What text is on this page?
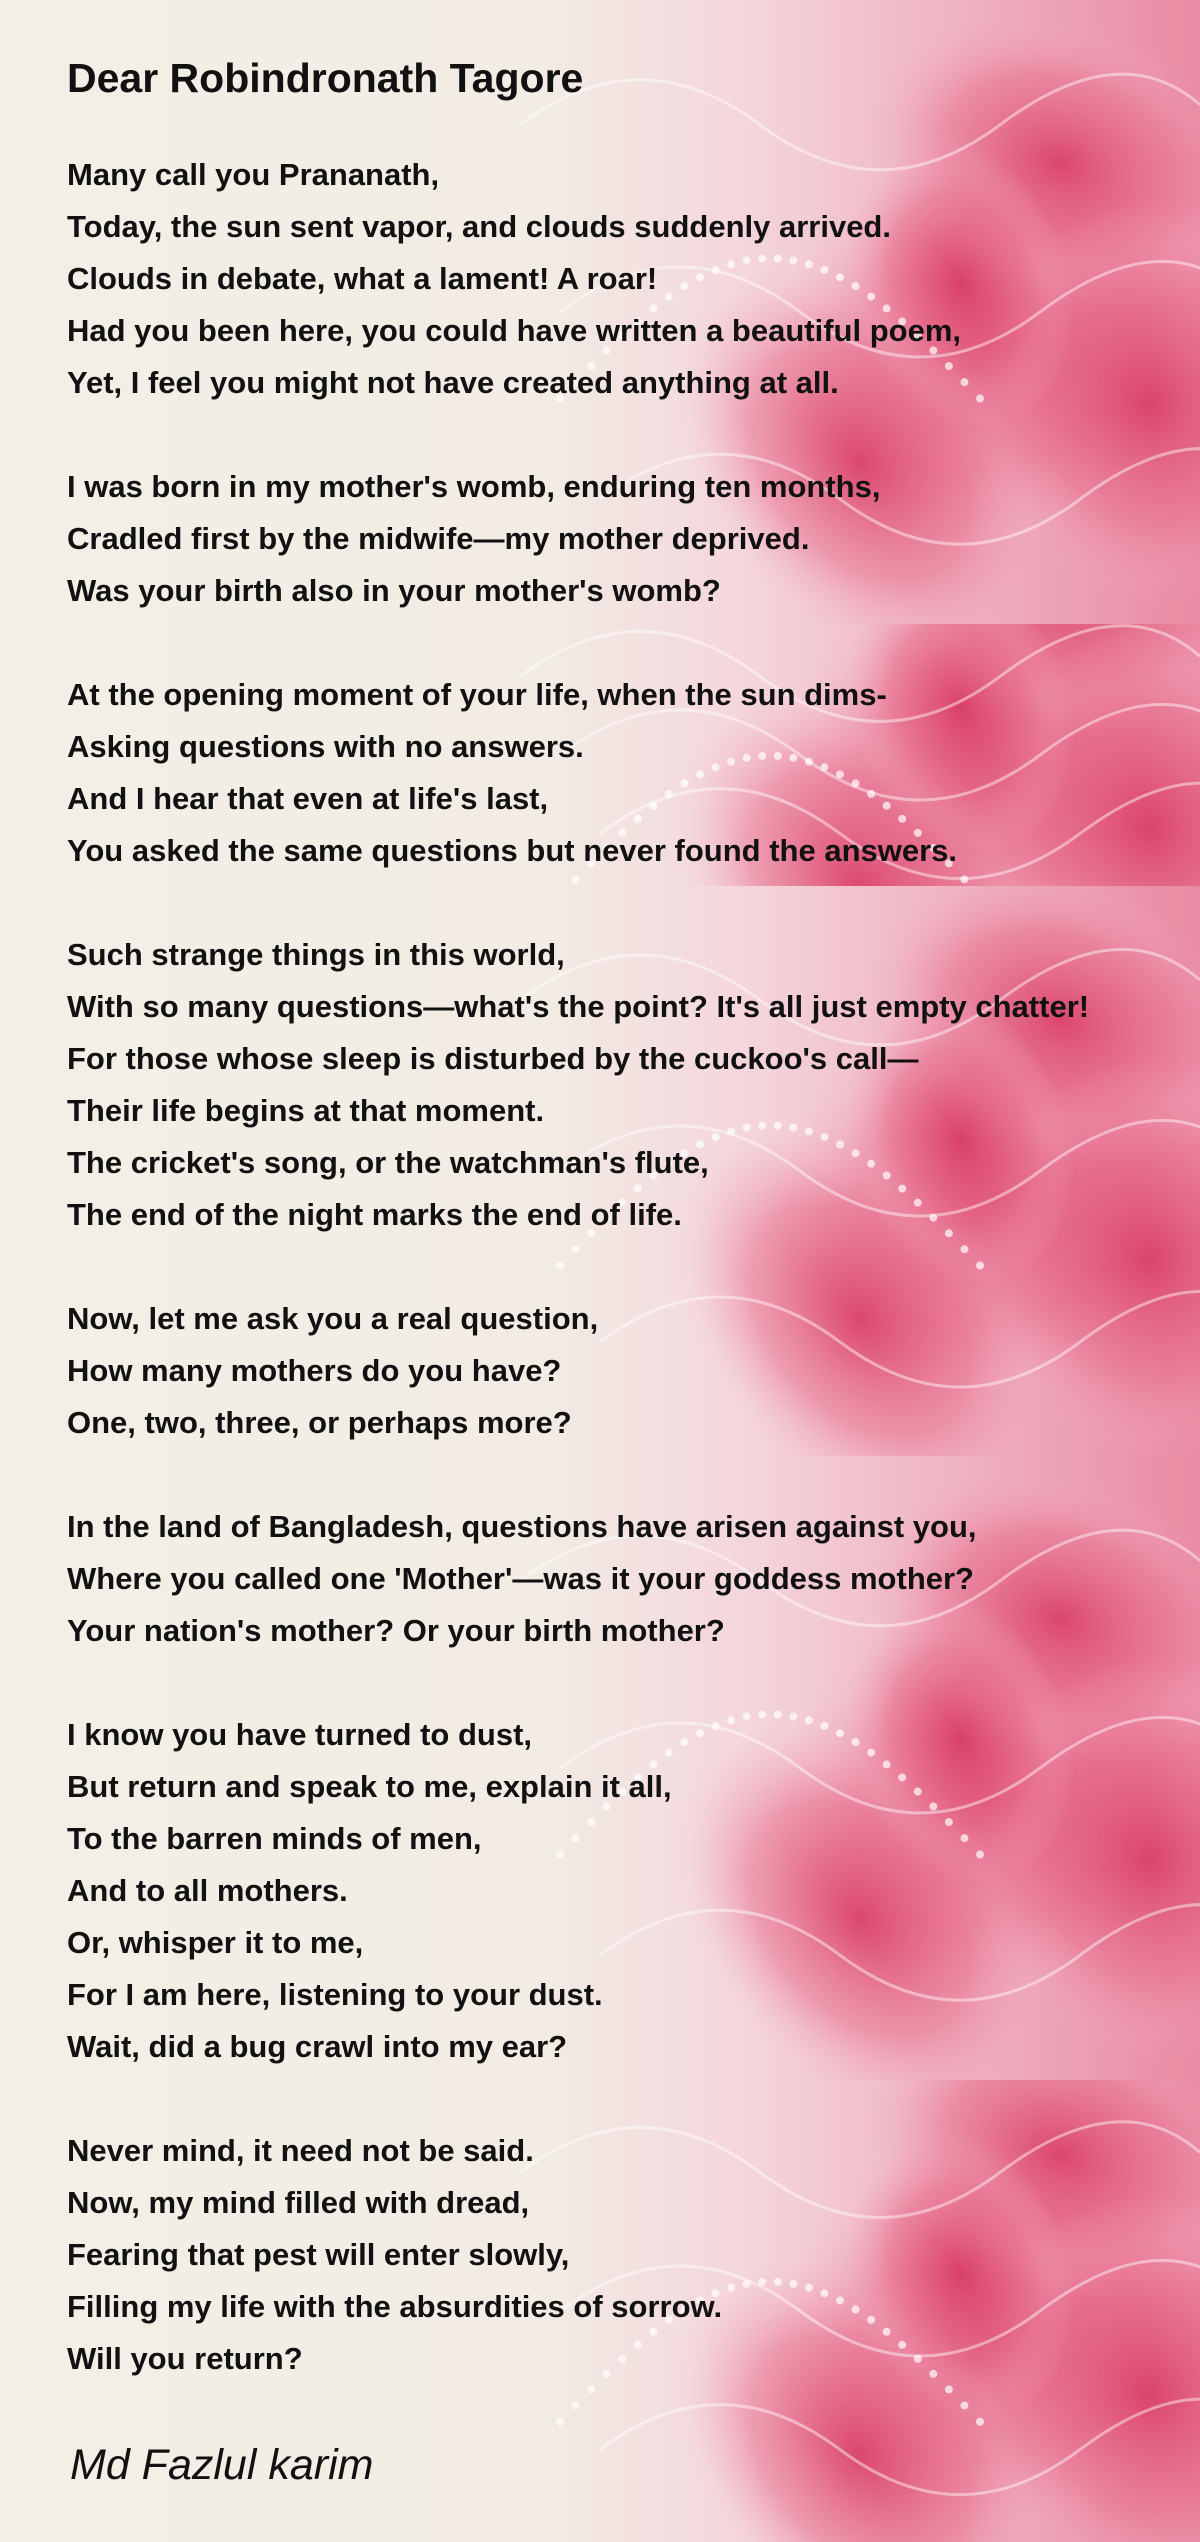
Dear Robindronath Tagore
Many call you Prananath,
Today, the sun sent vapor, and clouds suddenly arrived.
Clouds in debate, what a lament! A roar!
Had you been here, you could have written a beautiful poem,
Yet, I feel you might not have created anything at all.
I was born in my mother's womb, enduring ten months,
Cradled first by the midwife—my mother deprived.
Was your birth also in your mother's womb?
At the opening moment of your life, when the sun dims-
Asking questions with no answers.
And I hear that even at life's last,
You asked the same questions but never found the answers.
Such strange things in this world,
With so many questions—what's the point? It's all just empty chatter!
For those whose sleep is disturbed by the cuckoo's call—
Their life begins at that moment.
The cricket's song, or the watchman's flute,
The end of the night marks the end of life.
Now, let me ask you a real question,
How many mothers do you have?
One, two, three, or perhaps more?
In the land of Bangladesh, questions have arisen against you,
Where you called one 'Mother'—was it your goddess mother?
Your nation's mother? Or your birth mother?
I know you have turned to dust,
But return and speak to me, explain it all,
To the barren minds of men,
And to all mothers.
Or, whisper it to me,
For I am here, listening to your dust.
Wait, did a bug crawl into my ear?
Never mind, it need not be said.
Now, my mind filled with dread,
Fearing that pest will enter slowly,
Filling my life with the absurdities of sorrow.
Will you return?
Md Fazlul karim
